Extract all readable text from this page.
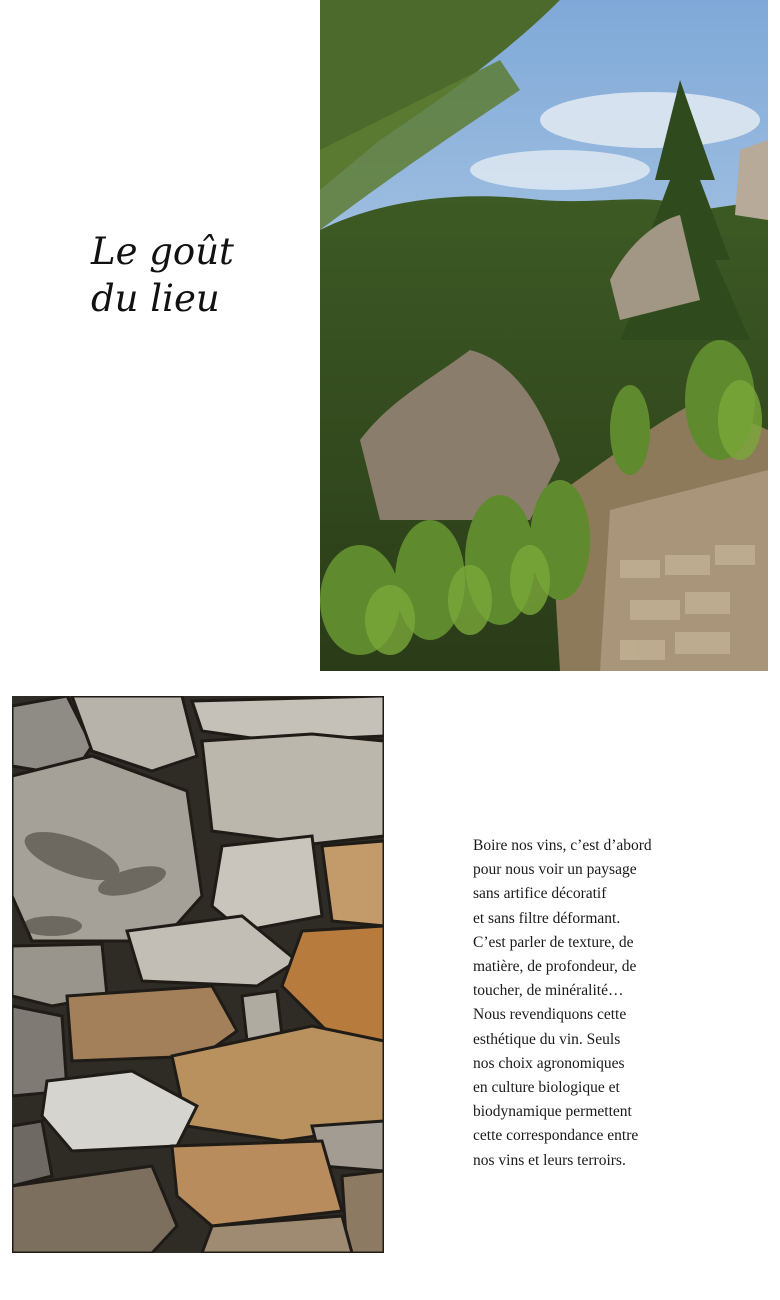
Le goût
du lieu
Boire nos vins, c’est d’abord
pour nous voir un paysage
sans artifice décoratif
et sans filtre déformant.
C’est parler de texture, de
matière, de profondeur, de
toucher, de minéralité…
Nous revendiquons cette
esthétique du vin. Seuls
nos choix agronomiques
en culture biologique et
biodynamique permettent
cette correspondance entre
nos vins et leurs terroirs.
